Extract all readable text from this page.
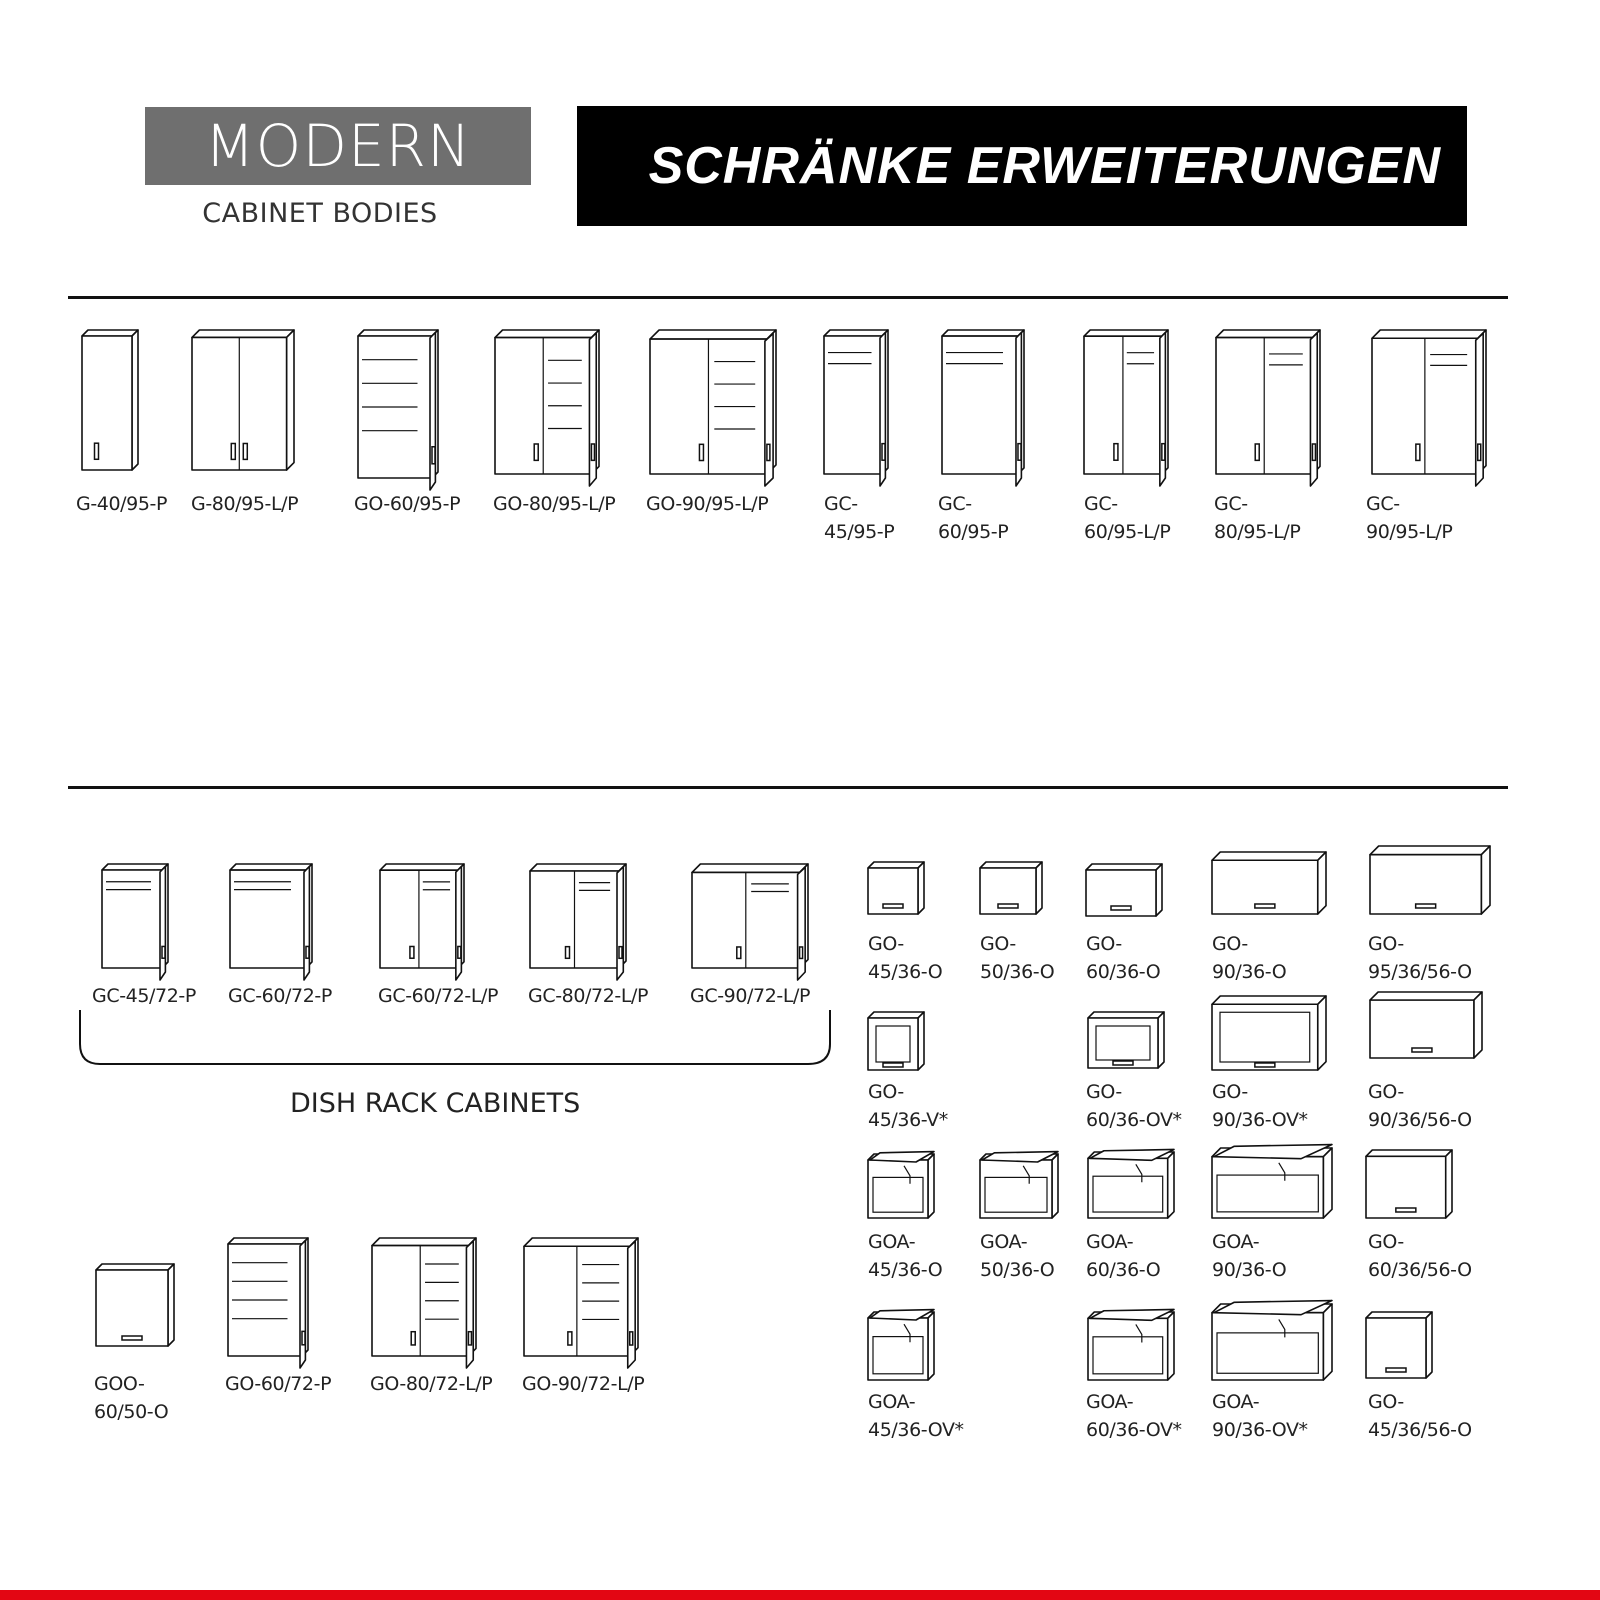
MODERN
CABINET BODIES
SCHRÄNKE ERWEITERUNGEN
G-40/95-P G-80/95-L/P	GO-60/95-P GO-80/95-L/P GO-90/95-L/P	GC-
45/95-P
GC-
60/95-P
GC-
60/95-L/P
GC-
80/95-L/P
GC-
90/95-L/P
GC-45/72-P GC-60/72-P GC-60/72-L/P GC-80/72-L/P GC-90/72-L/P
GOO-
60/50-O
GO-60/72-P GO-80/72-L/P GO-90/72-L/P
GO-
45/36-O
GO-
50/36-O
GO-
60/36-O
GO-
90/36-O
GO-
95/36/56-O
GO-
45/36-V*
GO-
60/36-OV*
GO-
90/36-OV*
GO-
90/36/56-O
GOA-
45/36-O
GOA-
50/36-O
GOA-
60/36-O
GOA-
90/36-O
GO-
60/36/56-O
GOA-
45/36-OV*
GOA-
60/36-OV*
GOA-
90/36-OV*
GO-
45/36/56-O
DISH RACK CABINETS
